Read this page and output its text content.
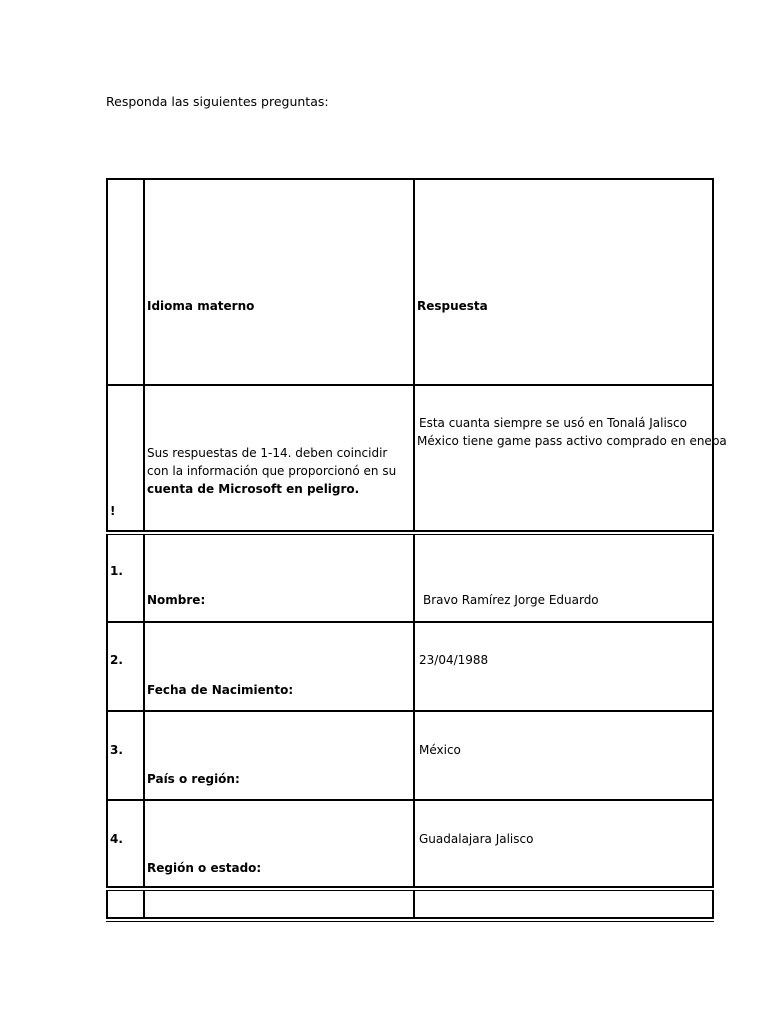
Responda las siguientes preguntas:
Idioma materno	Respuesta
!
Sus respuestas de 1-14. deben coincidir con la información que proporcionó en su cuenta de Microsoft en peligro.
Esta cuanta siempre se usó en Tonalá Jalisco
México tiene game pass activo comprado en eneba
1.
Nombre:	Bravo Ramírez Jorge Eduardo
2.
Fecha de Nacimiento:
23/04/1988
3.
País o región:
México
4.
Región o estado:
Guadalajara Jalisco
